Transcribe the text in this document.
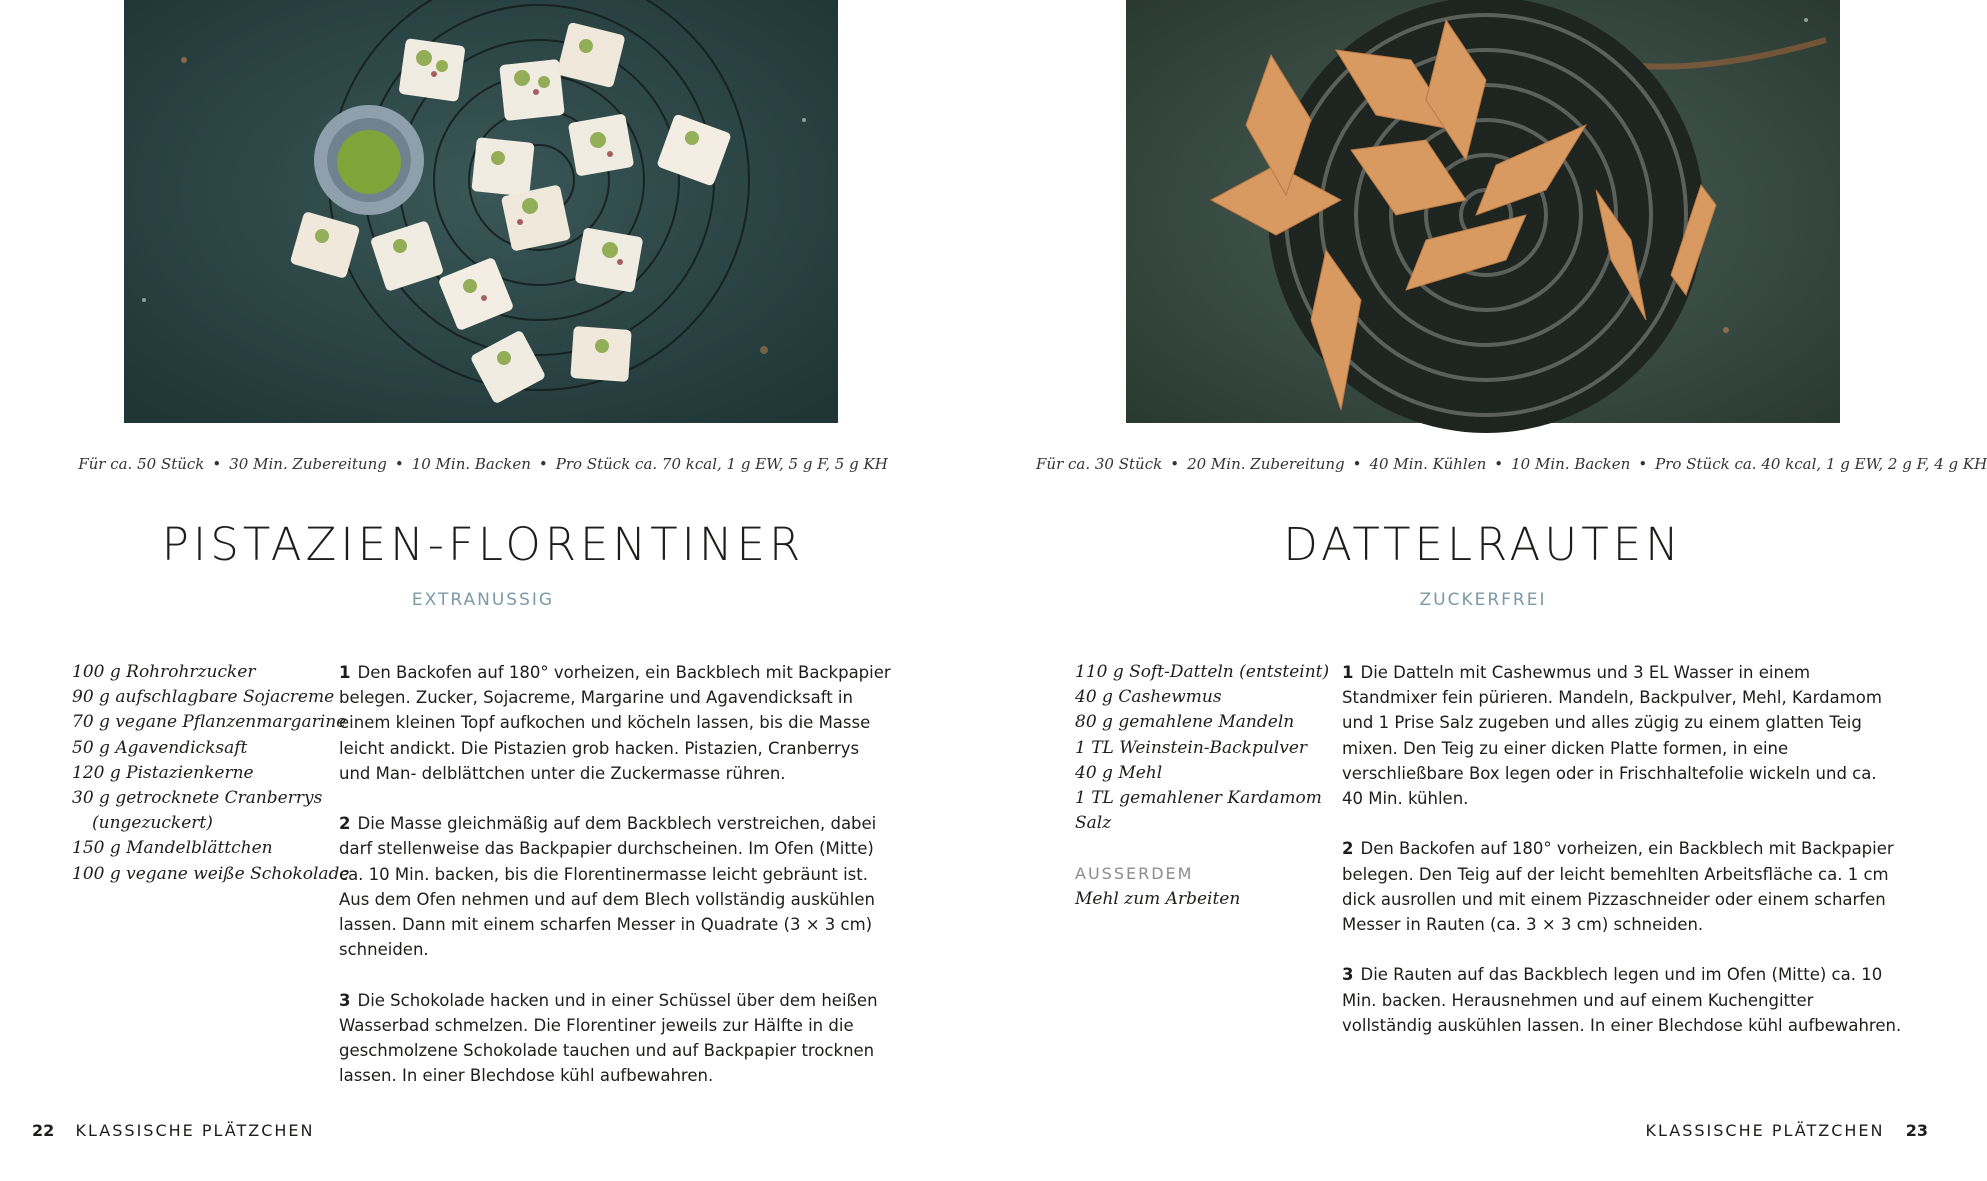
Für ca. 50 Stück • 30 Min. Zubereitung • 10 Min. Backen • Pro Stück ca. 70 kcal, 1 g EW, 5 g F, 5 g KH
PISTAZIEN-FLORENTINER
EXTRANUSSIG
100 g Rohrohrzucker
90 g aufschlagbare Sojacreme
70 g vegane Pflanzenmargarine
50 g Agavendicksaft
120 g Pistazienkerne
30 g getrocknete Cranberrys
(ungezuckert)
150 g Mandelblättchen
100 g vegane weiße Schokolade

1 Den Backofen auf 180° vorheizen, ein Backblech mit Backpapier belegen. Zucker, Sojacreme, Margarine und Agavendicksaft in einem kleinen Topf aufkochen und köcheln lassen, bis die Masse leicht andickt. Die Pistazien grob hacken. Pistazien, Cranberrys und Man- delblättchen unter die Zuckermasse rühren.

2 Die Masse gleichmäßig auf dem Backblech verstreichen, dabei darf stellenweise das Backpapier durchscheinen. Im Ofen (Mitte) ca. 10 Min. backen, bis die Florentinermasse leicht gebräunt ist. Aus dem Ofen nehmen und auf dem Blech vollständig auskühlen lassen. Dann mit einem scharfen Messer in Quadrate (3 × 3 cm) schneiden.

3 Die Schokolade hacken und in einer Schüssel über dem heißen Wasserbad schmelzen. Die Florentiner jeweils zur Hälfte in die geschmolzene Schokolade tauchen und auf Backpapier trocknen lassen. In einer Blechdose kühl aufbewahren.

22 KLASSISCHE PLÄTZCHEN
Für ca. 30 Stück • 20 Min. Zubereitung • 40 Min. Kühlen • 10 Min. Backen • Pro Stück ca. 40 kcal, 1 g EW, 2 g F, 4 g KH
DATTELRAUTEN
ZUCKERFREI
110 g Soft-Datteln (entsteint)
40 g Cashewmus
80 g gemahlene Mandeln
1 TL Weinstein-Backpulver
40 g Mehl
1 TL gemahlener Kardamom
Salz
AUSSERDEM
Mehl zum Arbeiten

1 Die Datteln mit Cashewmus und 3 EL Wasser in einem Standmixer fein pürieren. Mandeln, Backpulver, Mehl, Kardamom und 1 Prise Salz zugeben und alles zügig zu einem glatten Teig mixen. Den Teig zu einer dicken Platte formen, in eine verschließbare Box legen oder in Frischhaltefolie wickeln und ca. 40 Min. kühlen.

2 Den Backofen auf 180° vorheizen, ein Backblech mit Backpapier belegen. Den Teig auf der leicht bemehlten Arbeitsfläche ca. 1 cm dick ausrollen und mit einem Pizzaschneider oder einem scharfen Messer in Rauten (ca. 3 × 3 cm) schneiden.

3 Die Rauten auf das Backblech legen und im Ofen (Mitte) ca. 10 Min. backen. Herausnehmen und auf einem Kuchengitter vollständig auskühlen lassen. In einer Blechdose kühl aufbewahren.

KLASSISCHE PLÄTZCHEN 23
